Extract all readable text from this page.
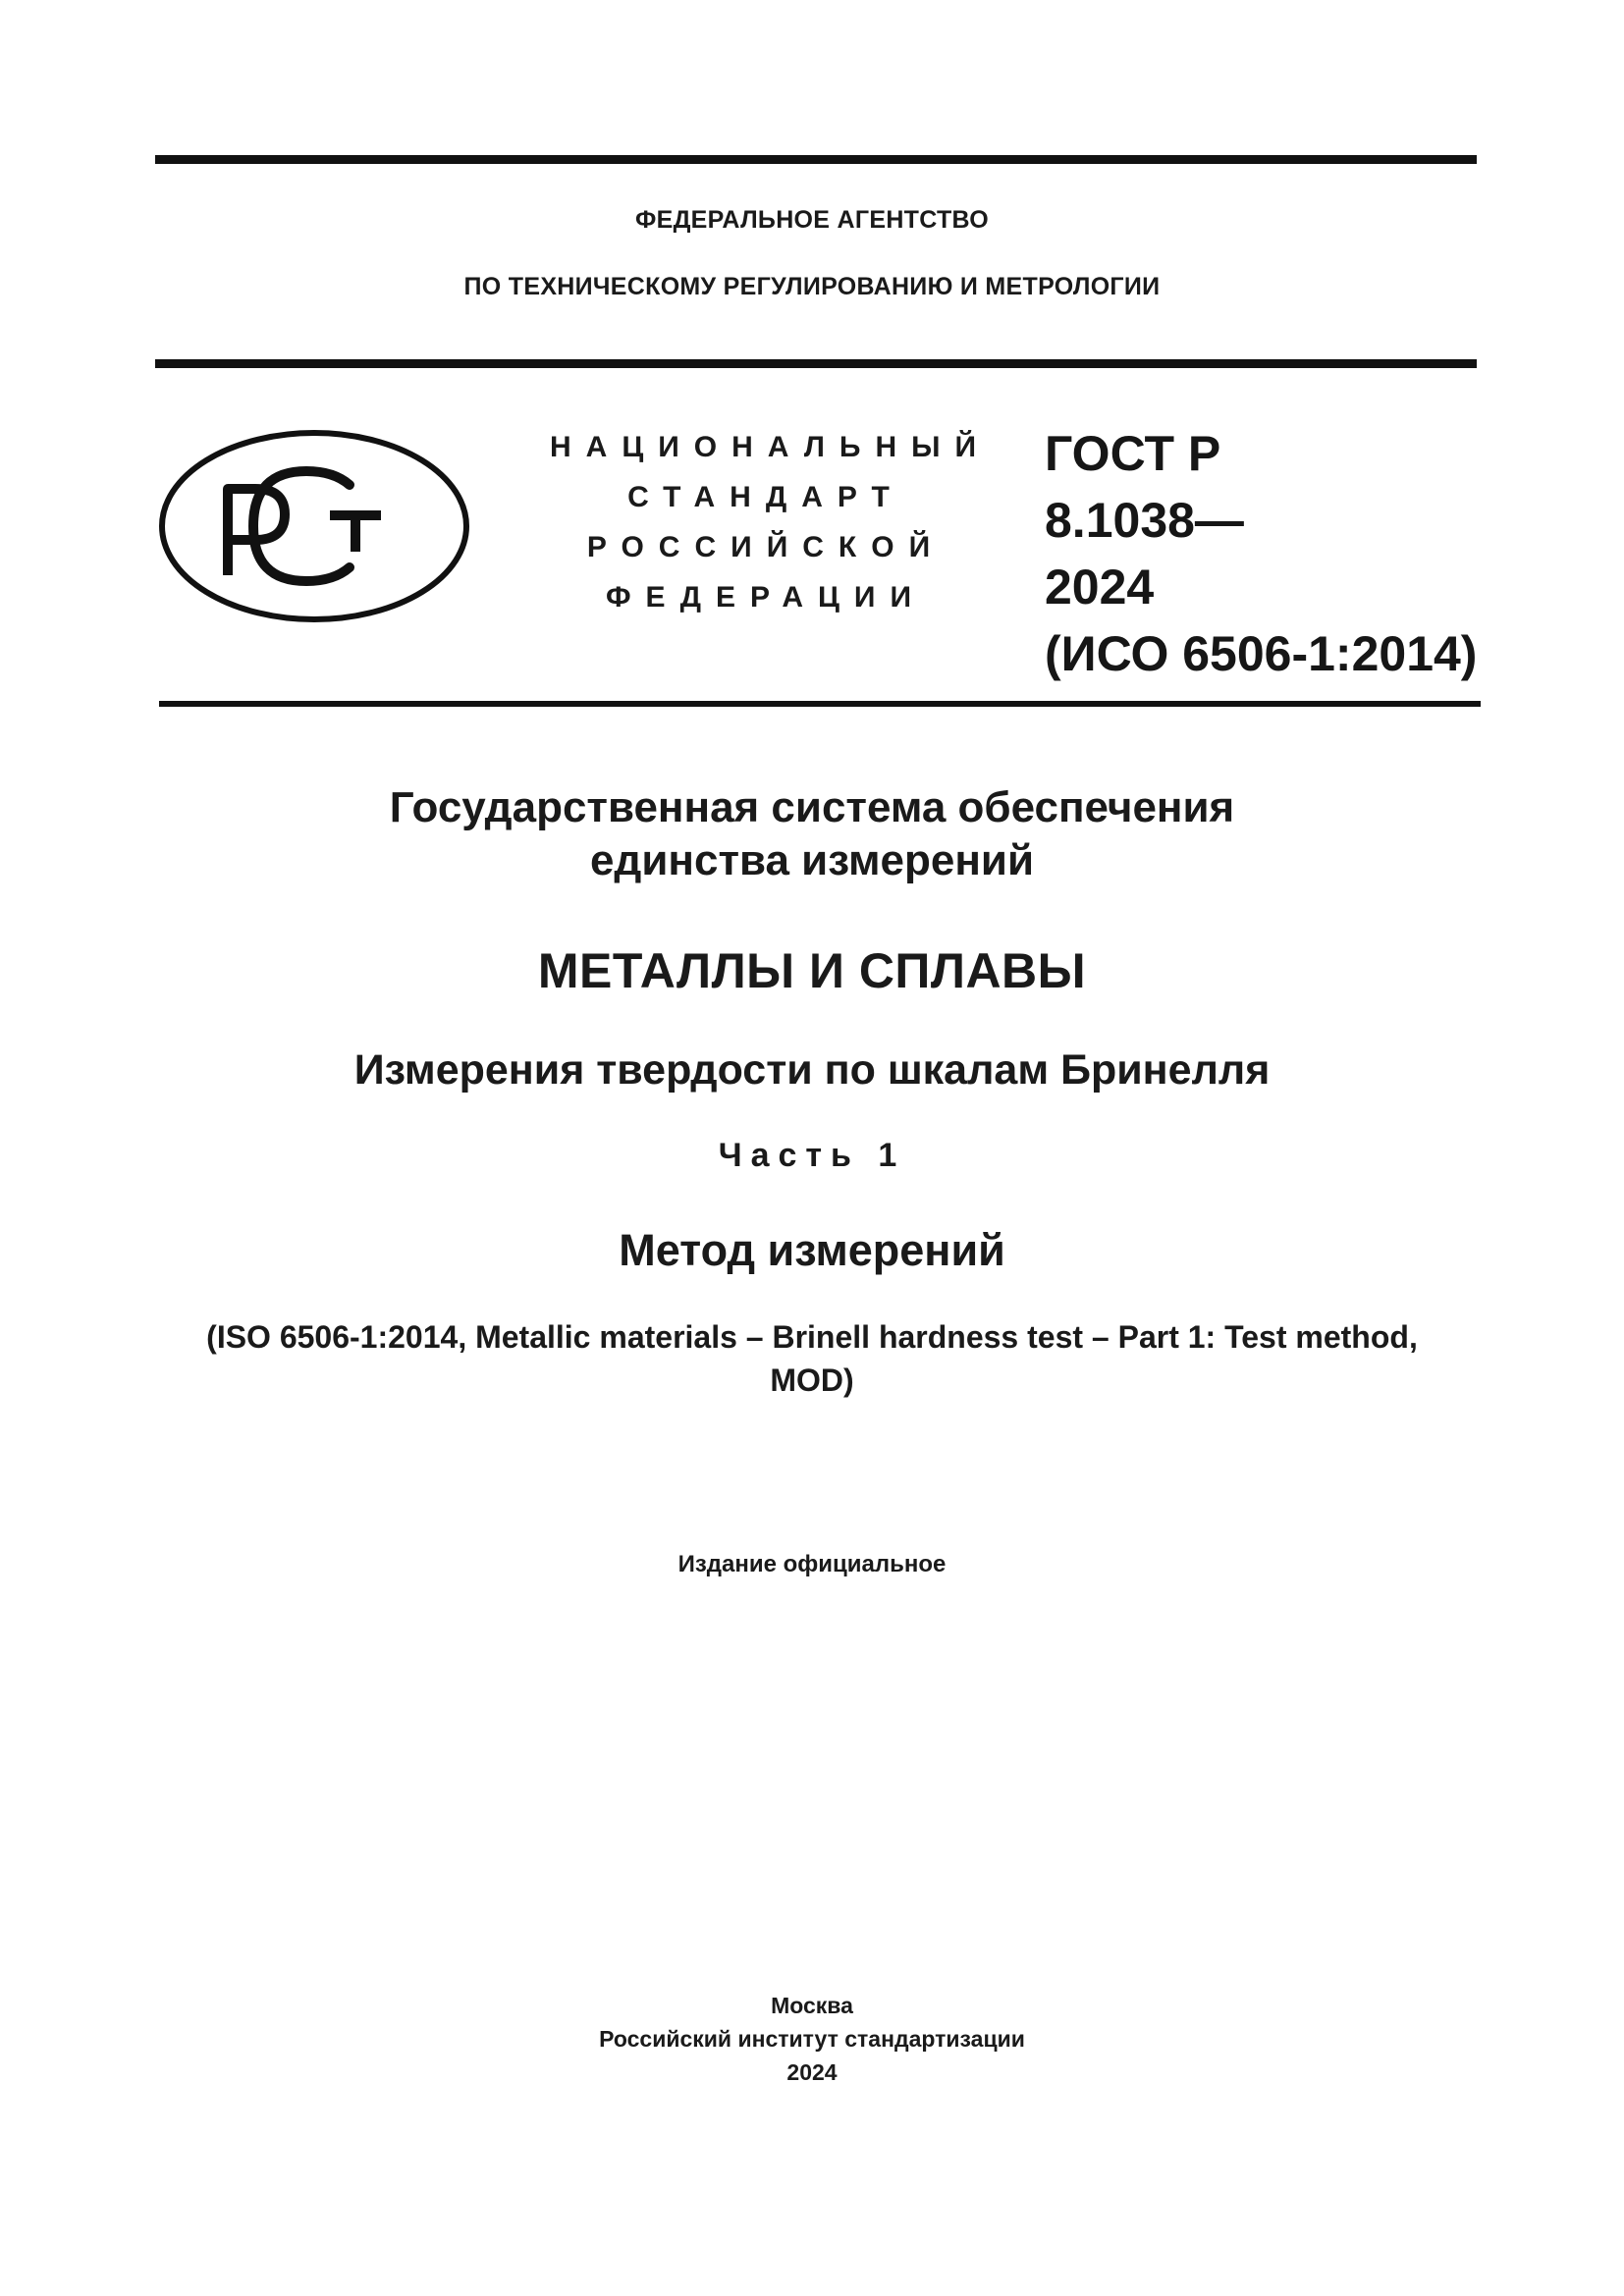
ФЕДЕРАЛЬНОЕ АГЕНТСТВО
ПО ТЕХНИЧЕСКОМУ РЕГУЛИРОВАНИЮ И МЕТРОЛОГИИ
НАЦИОНАЛЬНЫЙ
СТАНДАРТ
РОССИЙСКОЙ
ФЕДЕРАЦИИ
ГОСТ Р
8.1038—
2024
(ИСО 6506-1:2014)
Государственная система обеспечения
единства измерений
МЕТАЛЛЫ И СПЛАВЫ
Измерения твердости по шкалам Бринелля
Часть 1
Метод измерений
(ISO 6506-1:2014, Metallic materials – Brinell hardness test – Part 1: Test method,
MOD)
Издание официальное
Москва
Российский институт стандартизации
2024
